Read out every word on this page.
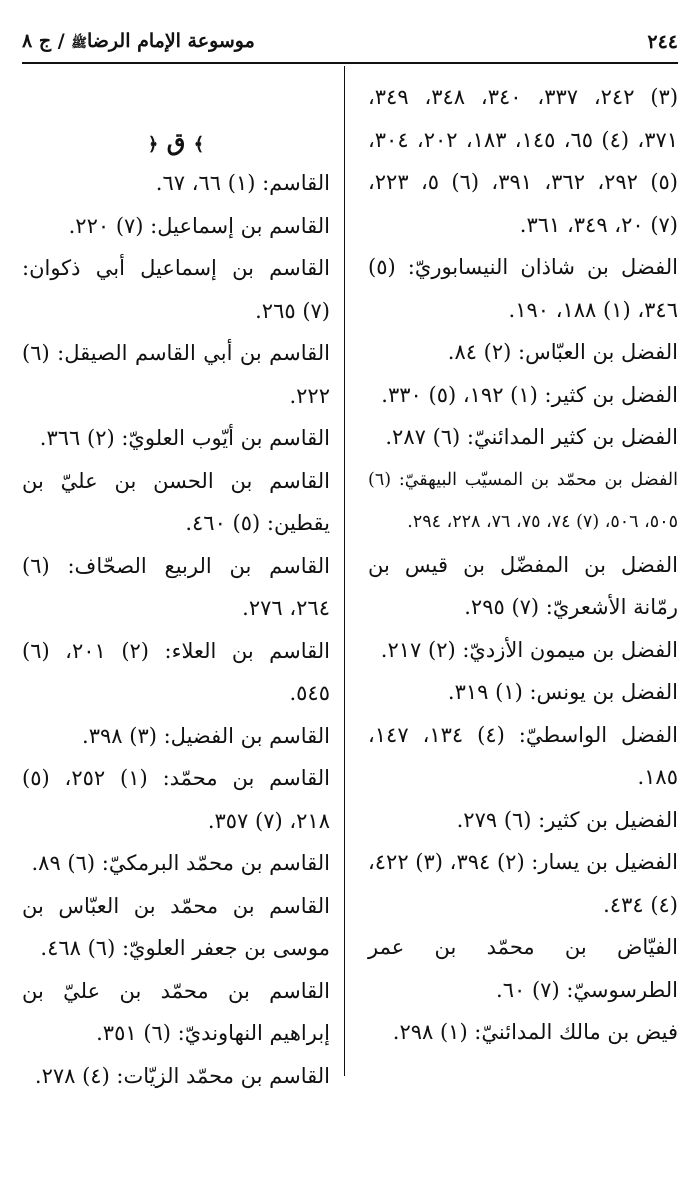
٢٤٤
موسوعة الإمام الرضاﷺ / ج ٨

(٣) ٢٤٢، ٣٣٧، ٣٤٠، ٣٤٨، ٣٤٩، ٣٧١، (٤) ٦٥، ١٤٥، ١٨٣، ٢٠٢، ٣٠٤، (٥) ٢٩٢، ٣٦٢، ٣٩١، (٦) ٥، ٢٢٣، (٧) ٢٠، ٣٤٩، ٣٦١.

الفضل بن شاذان النيسابوريّ: (٥) ٣٤٦، (١) ١٨٨، ١٩٠.

الفضل بن العبّاس: (٢) ٨٤.

الفضل بن كثير: (١) ١٩٢، (٥) ٣٣٠.

الفضل بن كثير المدائنيّ: (٦) ٢٨٧.

الفضل بن محمّد بن المسيّب البيهقيّ: (٦) ٥٠٥، ٥٠٦، (٧) ٧٤، ٧٥، ٧٦، ٢٢٨، ٢٩٤.

الفضل بن المفضّل بن قيس بن رمّانة الأشعريّ: (٧) ٢٩٥.

الفضل بن ميمون الأزديّ: (٢) ٢١٧.

الفضل بن يونس: (١) ٣١٩.

الفضل الواسطيّ: (٤) ١٣٤، ١٤٧، ١٨٥.

الفضيل بن كثير: (٦) ٢٧٩.

الفضيل بن يسار: (٢) ٣٩٤، (٣) ٤٢٢، (٤) ٤٣٤.

الفيّاض بن محمّد بن عمر الطرسوسيّ: (٧) ٦٠.

فيض بن مالك المدائنيّ: (١) ٢٩٨.

﴾ ق ﴿

القاسم: (١) ٦٦، ٦٧.

القاسم بن إسماعيل: (٧) ٢٢٠.

القاسم بن إسماعيل أبي ذكوان: (٧) ٢٦٥.

القاسم بن أبي القاسم الصيقل: (٦) ٢٢٢.

القاسم بن أيّوب العلويّ: (٢) ٣٦٦.

القاسم بن الحسن بن عليّ بن يقطين: (٥) ٤٦٠.

القاسم بن الربيع الصحّاف: (٦) ٢٦٤، ٢٧٦.

القاسم بن العلاء: (٢) ٢٠١، (٦) ٥٤٥.

القاسم بن الفضيل: (٣) ٣٩٨.

القاسم بن محمّد: (١) ٢٥٢، (٥) ٢١٨، (٧) ٣٥٧.

القاسم بن محمّد البرمكيّ: (٦) ٨٩.

القاسم بن محمّد بن العبّاس بن موسى بن جعفر العلويّ: (٦) ٤٦٨.

القاسم بن محمّد بن عليّ بن إبراهيم النهاونديّ: (٦) ٣٥١.

القاسم بن محمّد الزيّات: (٤) ٢٧٨.
